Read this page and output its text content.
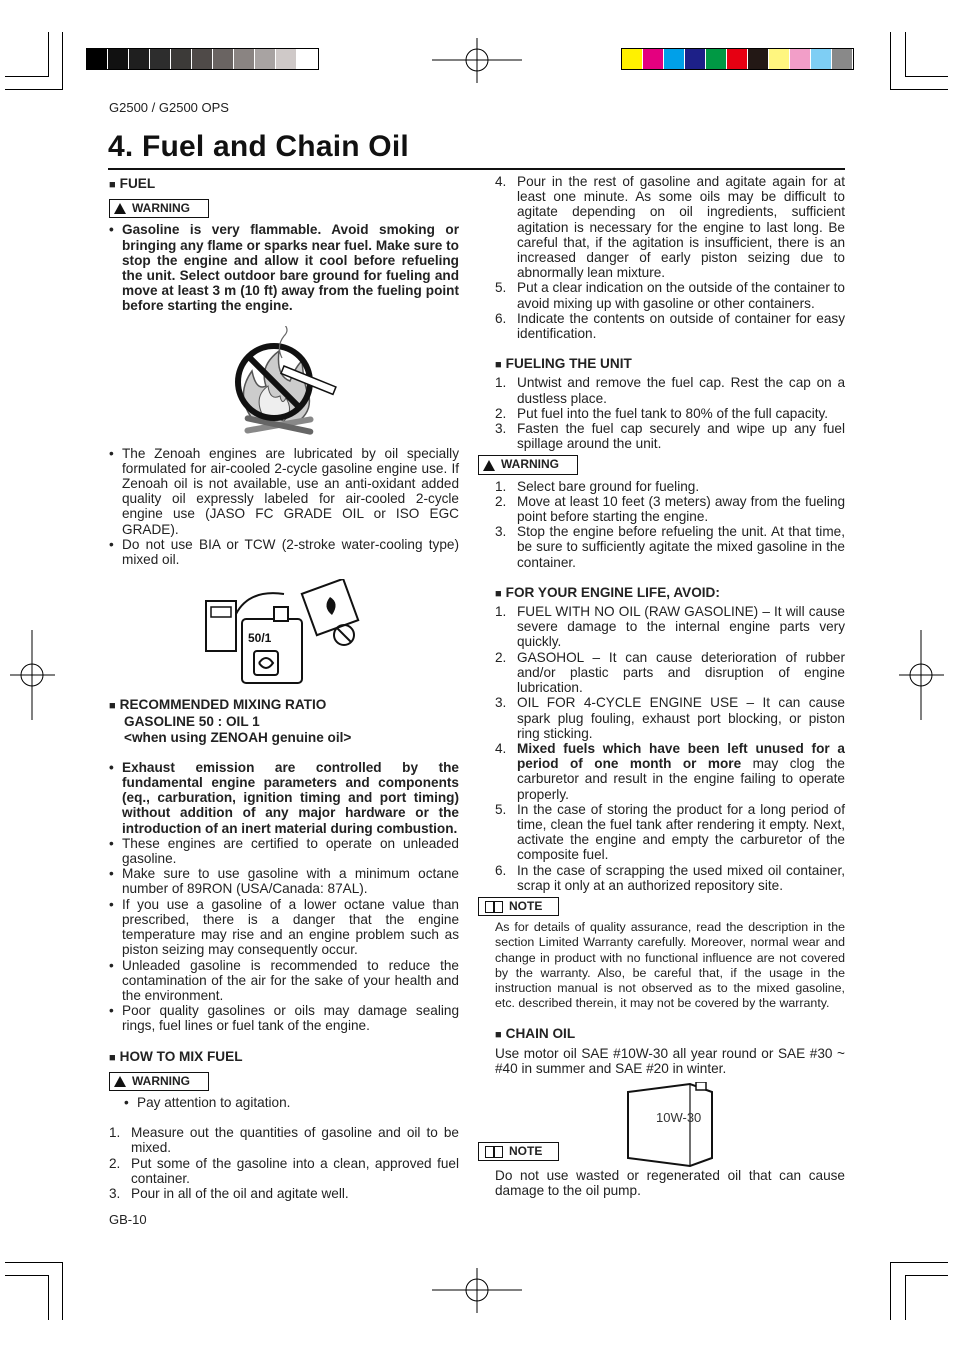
G2500 / G2500 OPS
4. Fuel and Chain Oil
■ FUEL
WARNING
• Gasoline is very flammable. Avoid smoking or bringing any flame or sparks near fuel. Make sure to stop the engine and allow it cool before refueling the unit. Select outdoor bare ground for fueling and move at least 3 m (10 ft) away from the fueling point before starting the engine.
• The Zenoah engines are lubricated by oil specially formulated for air-cooled 2-cycle gasoline engine use. If Zenoah oil is not available, use an anti-oxidant added quality oil expressly labeled for air-cooled 2-cycle engine use (JASO FC GRADE OIL or ISO EGC GRADE).
• Do not use BIA or TCW (2-stroke water-cooling type) mixed oil.
50/1
■ RECOMMENDED MIXING RATIO
GASOLINE 50 : OIL 1
<when using ZENOAH genuine oil>
• Exhaust emission are controlled by the fundamental engine parameters and components (eq., carburation, ignition timing and port timing) without addition of any major hardware or the introduction of an inert material during combustion.
• These engines are certified to operate on unleaded gasoline.
• Make sure to use gasoline with a minimum octane number of 89RON (USA/Canada: 87AL).
• If you use a gasoline of a lower octane value than prescribed, there is a danger that the engine temperature may rise and an engine problem such as piston seizing may consequently occur.
• Unleaded gasoline is recommended to reduce the contamination of the air for the sake of your health and the environment.
• Poor quality gasolines or oils may damage sealing rings, fuel lines or fuel tank of the engine.
■ HOW TO MIX FUEL
WARNING
• Pay attention to agitation.
1. Measure out the quantities of gasoline and oil to be mixed.
2. Put some of the gasoline into a clean, approved fuel container.
3. Pour in all of the oil and agitate well.
4. Pour in the rest of gasoline and agitate again for at least one minute. As some oils may be difficult to agitate depending on oil ingredients, sufficient agitation is necessary for the engine to last long. Be careful that, if the agitation is insufficient, there is an increased danger of early piston seizing due to abnormally lean mixture.
5. Put a clear indication on the outside of the container to avoid mixing up with gasoline or other containers.
6. Indicate the contents on outside of container for easy identification.
■ FUELING THE UNIT
1. Untwist and remove the fuel cap. Rest the cap on a dustless place.
2. Put fuel into the fuel tank to 80% of the full capacity.
3. Fasten the fuel cap securely and wipe up any fuel spillage around the unit.
WARNING
1. Select bare ground for fueling.
2. Move at least 10 feet (3 meters) away from the fueling point before starting the engine.
3. Stop the engine before refueling the unit. At that time, be sure to sufficiently agitate the mixed gasoline in the container.
■ FOR YOUR ENGINE LIFE, AVOID:
1. FUEL WITH NO OIL (RAW GASOLINE) – It will cause severe damage to the internal engine parts very quickly.
2. GASOHOL – It can cause deterioration of rubber and/or plastic parts and disruption of engine lubrication.
3. OIL FOR 4-CYCLE ENGINE USE – It can cause spark plug fouling, exhaust port blocking, or piston ring sticking.
4. Mixed fuels which have been left unused for a period of one month or more may clog the carburetor and result in the engine failing to operate properly.
5. In the case of storing the product for a long period of time, clean the fuel tank after rendering it empty. Next, activate the engine and empty the carburetor of the composite fuel.
6. In the case of scrapping the used mixed oil container, scrap it only at an authorized repository site.
NOTE
As for details of quality assurance, read the description in the section Limited Warranty carefully. Moreover, normal wear and change in product with no functional influence are not covered by the warranty. Also, be careful that, if the usage in the instruction manual is not observed as to the mixed gasoline, etc. described therein, it may not be covered by the warranty.
■ CHAIN OIL
Use motor oil SAE #10W-30 all year round or SAE #30 ~ #40 in summer and SAE #20 in winter.
10W-30
NOTE
Do not use wasted or regenerated oil that can cause damage to the oil pump.
GB-10
